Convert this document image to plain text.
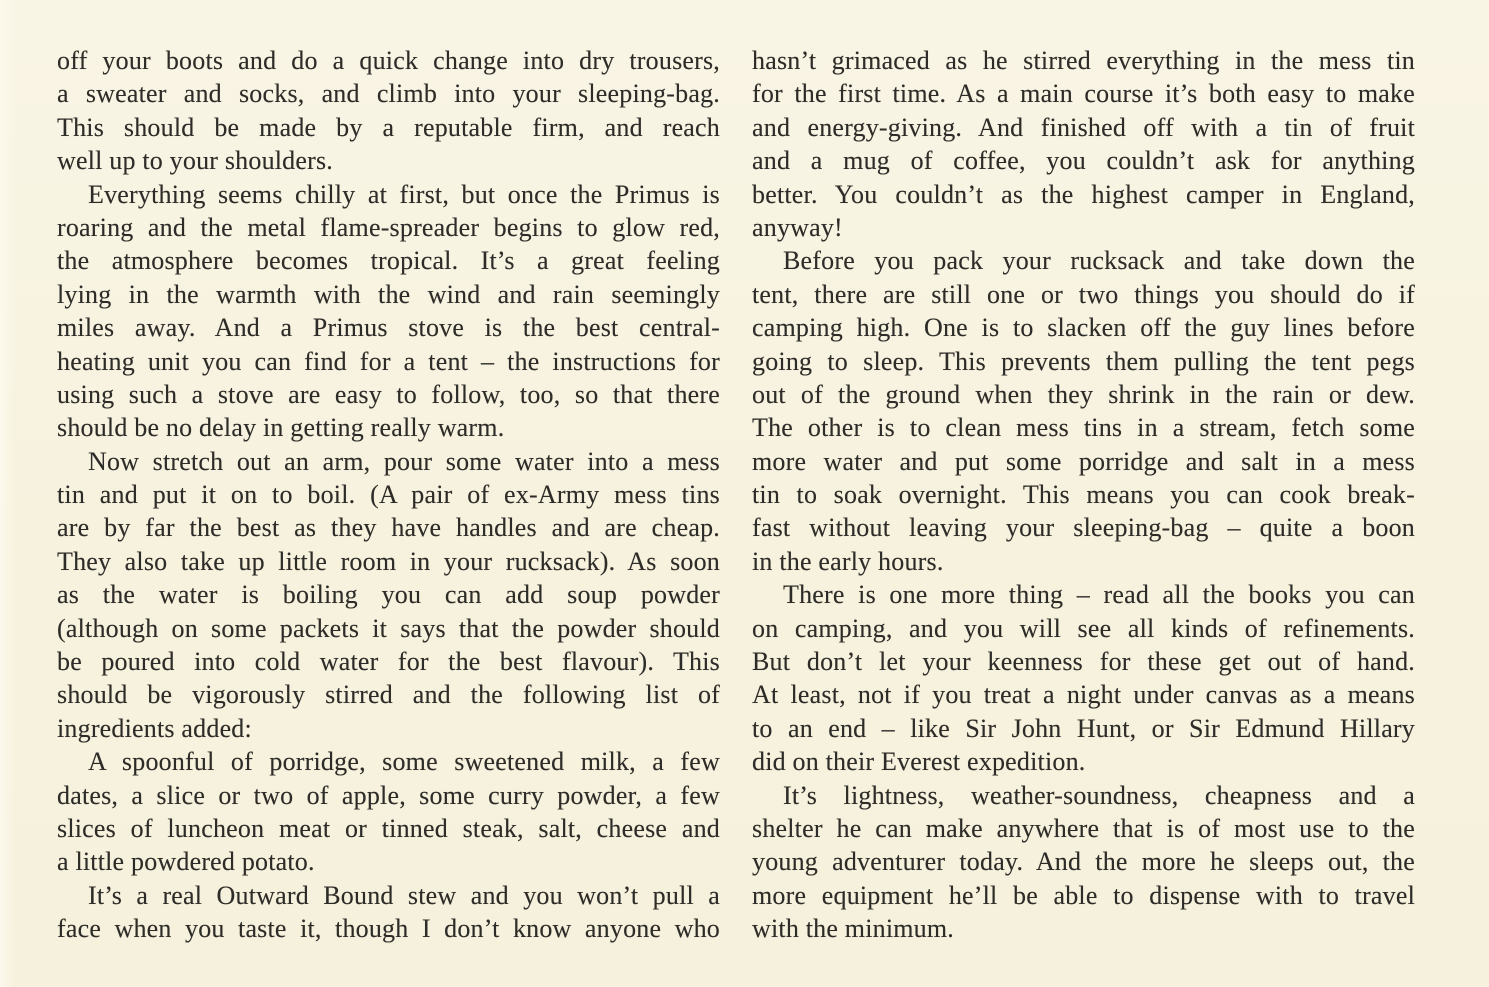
off your boots and do a quick change into dry trousers,
a sweater and socks, and climb into your sleeping-bag.
This should be made by a reputable firm, and reach
well up to your shoulders.
Everything seems chilly at first, but once the Primus is
roaring and the metal flame-spreader begins to glow red,
the atmosphere becomes tropical. It’s a great feeling
lying in the warmth with the wind and rain seemingly
miles away. And a Primus stove is the best central-
heating unit you can find for a tent – the instructions for
using such a stove are easy to follow, too, so that there
should be no delay in getting really warm.
Now stretch out an arm, pour some water into a mess
tin and put it on to boil. (A pair of ex-Army mess tins
are by far the best as they have handles and are cheap.
They also take up little room in your rucksack). As soon
as the water is boiling you can add soup powder
(although on some packets it says that the powder should
be poured into cold water for the best flavour). This
should be vigorously stirred and the following list of
ingredients added:
A spoonful of porridge, some sweetened milk, a few
dates, a slice or two of apple, some curry powder, a few
slices of luncheon meat or tinned steak, salt, cheese and
a little powdered potato.
It’s a real Outward Bound stew and you won’t pull a
face when you taste it, though I don’t know anyone who
hasn’t grimaced as he stirred everything in the mess tin
for the first time. As a main course it’s both easy to make
and energy-giving. And finished off with a tin of fruit
and a mug of coffee, you couldn’t ask for anything
better. You couldn’t as the highest camper in England,
anyway!
Before you pack your rucksack and take down the
tent, there are still one or two things you should do if
camping high. One is to slacken off the guy lines before
going to sleep. This prevents them pulling the tent pegs
out of the ground when they shrink in the rain or dew.
The other is to clean mess tins in a stream, fetch some
more water and put some porridge and salt in a mess
tin to soak overnight. This means you can cook break-
fast without leaving your sleeping-bag – quite a boon
in the early hours.
There is one more thing – read all the books you can
on camping, and you will see all kinds of refinements.
But don’t let your keenness for these get out of hand.
At least, not if you treat a night under canvas as a means
to an end – like Sir John Hunt, or Sir Edmund Hillary
did on their Everest expedition.
It’s lightness, weather-soundness, cheapness and a
shelter he can make anywhere that is of most use to the
young adventurer today. And the more he sleeps out, the
more equipment he’ll be able to dispense with to travel
with the minimum.
